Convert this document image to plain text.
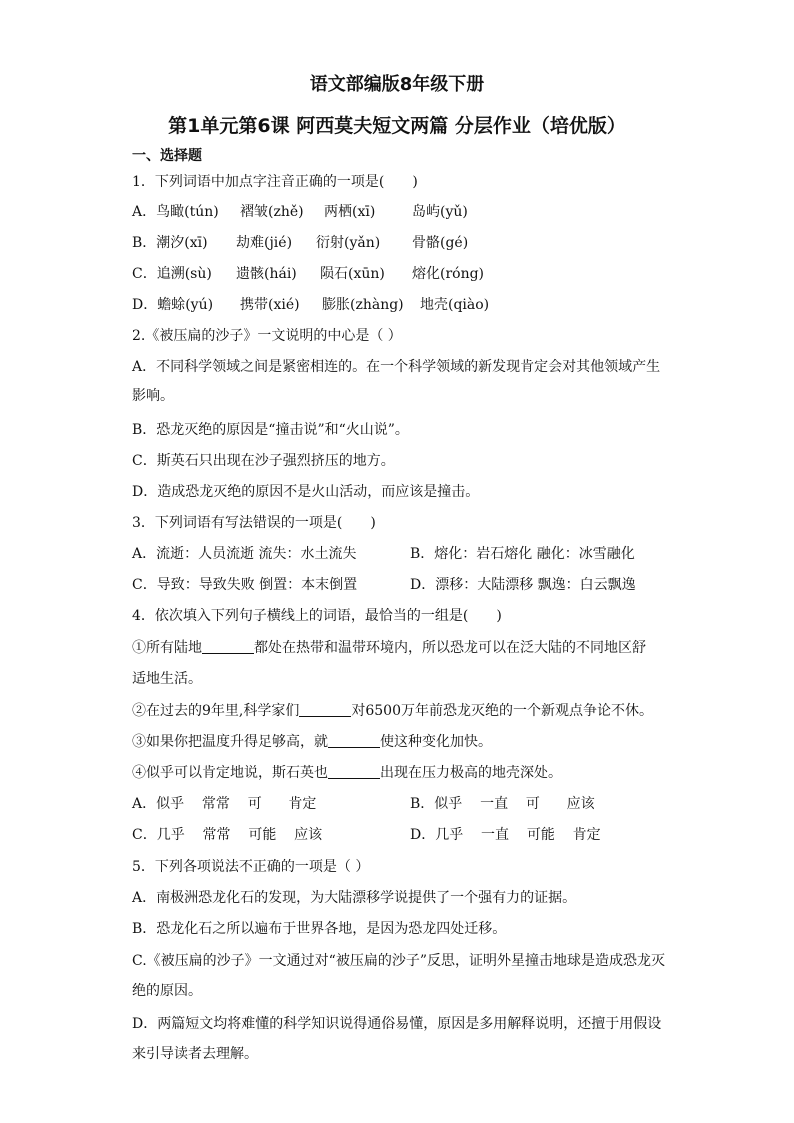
语文部编版8年级下册
第1单元第6课 阿西莫夫短文两篇 分层作业（培优版）
一、选择题
1．下列词语中加点字注音正确的一项是(　　)
A．鸟瞰(tún) 褶皱(zhě) 两栖(xī)	岛屿(yǔ)
B．潮汐(xī) 劫难(jié) 衍射(yǎn) 骨骼(gé)
C．追溯(sù) 遗骸(hái) 陨石(xūn) 熔化(róng)
D．蟾蜍(yú) 携带(xié) 膨胀(zhàng) 地壳(qiào)
2.《被压扁的沙子》一文说明的中心是（ ）
A．不同科学领域之间是紧密相连的。在一个科学领域的新发现肯定会对其他领域产生
影响。
B．恐龙灭绝的原因是“撞击说”和“火山说”。
C．斯英石只出现在沙子强烈挤压的地方。
D．造成恐龙灭绝的原因不是火山活动，而应该是撞击。
3．下列词语有写法错误的一项是(　　)
A．流逝：人员流逝 流失：水土流失	B．熔化：岩石熔化 融化：冰雪融化
C．导致：导致失败 倒置：本末倒置	D．漂移：大陆漂移 飘逸：白云飘逸
4．依次填入下列句子横线上的词语，最恰当的一组是(　　)
①所有陆地	都处在热带和温带环境内，所以恐龙可以在泛大陆的不同地区舒
适地生活。
②在过去的9年里,科学家们	对6500万年前恐龙灭绝的一个新观点争论不休。
③如果你把温度升得足够高，就	使这种变化加快。
④似乎可以肯定地说，斯石英也	出现在压力极高的地壳深处。
A．似乎    常常    可      肯定	B．似乎    一直    可      应该
C．几乎    常常    可能    应该	D．几乎    一直    可能    肯定
5．下列各项说法不正确的一项是（ ）
A．南极洲恐龙化石的发现，为大陆漂移学说提供了一个强有力的证据。
B．恐龙化石之所以遍布于世界各地，是因为恐龙四处迁移。
C.《被压扁的沙子》一文通过对“被压扁的沙子”反思，证明外星撞击地球是造成恐龙灭
绝的原因。
D．两篇短文均将难懂的科学知识说得通俗易懂，原因是多用解释说明，还擅于用假设
来引导读者去理解。
